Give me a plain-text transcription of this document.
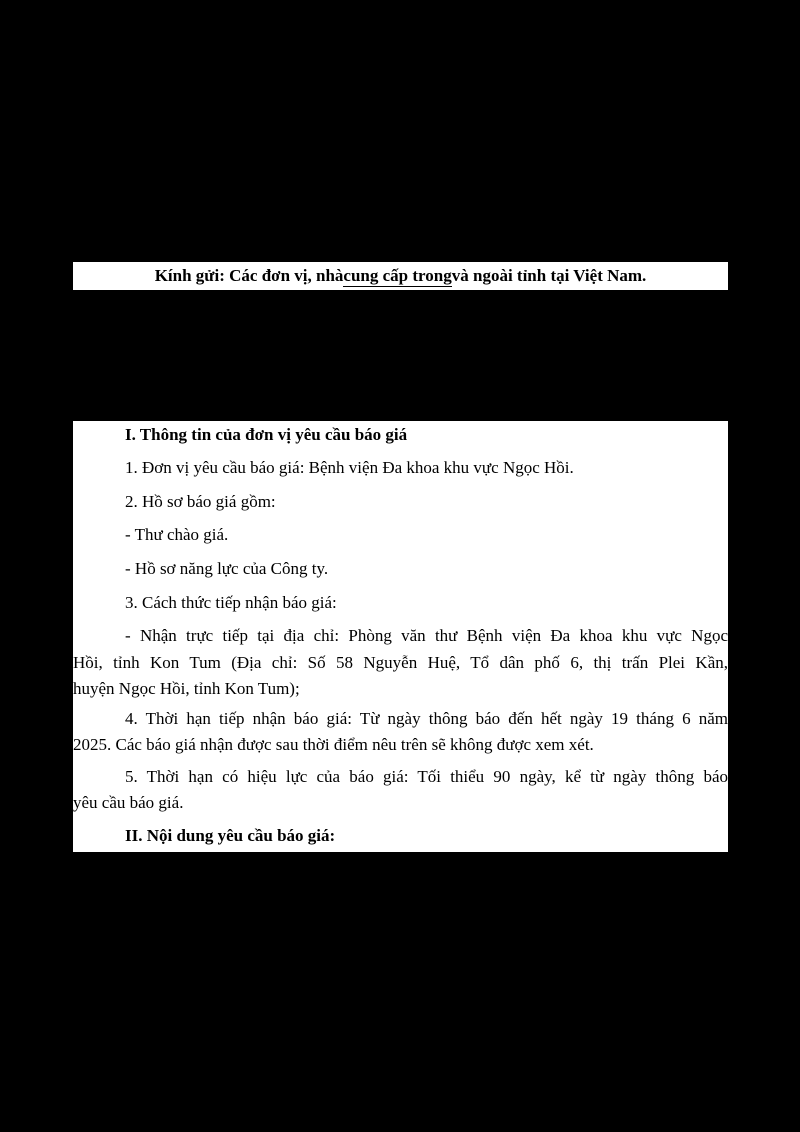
Kính gửi: Các đơn vị, nhà cung cấp trong và ngoài tỉnh tại Việt Nam.
I. Thông tin của đơn vị yêu cầu báo giá
1. Đơn vị yêu cầu báo giá: Bệnh viện Đa khoa khu vực Ngọc Hồi.
2. Hồ sơ báo giá gồm:
- Thư chào giá.
- Hồ sơ năng lực của Công ty.
3. Cách thức tiếp nhận báo giá:
- Nhận trực tiếp tại địa chỉ: Phòng văn thư Bệnh viện Đa khoa khu vực Ngọc
Hồi, tỉnh Kon Tum (Địa chỉ: Số 58 Nguyễn Huệ, Tổ dân phố 6, thị trấn Plei Kần,
huyện Ngọc Hồi, tỉnh Kon Tum);
4. Thời hạn tiếp nhận báo giá: Từ ngày thông báo đến hết ngày 19 tháng 6 năm
2025. Các báo giá nhận được sau thời điểm nêu trên sẽ không được xem xét.
5. Thời hạn có hiệu lực của báo giá: Tối thiểu 90 ngày, kể từ ngày thông báo
yêu cầu báo giá.
II. Nội dung yêu cầu báo giá:
